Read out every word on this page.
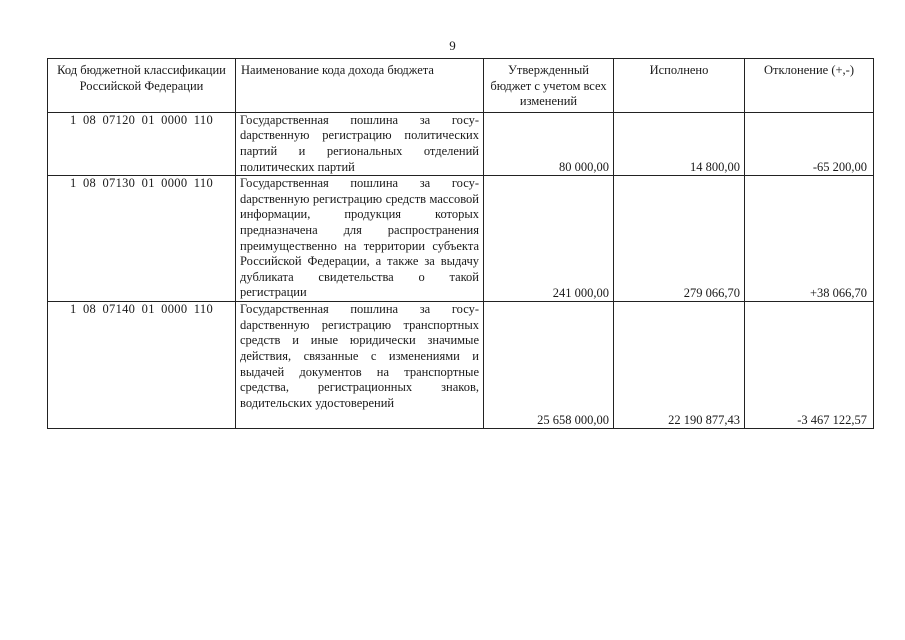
9
Код бюджетной классификации Российской Федерации	Наименование кода дохода бюджета	Утвержденный бюджет с учетом всех изменений	Исполнено	Отклонение (+,-)
1 08 07120 01 0000 110	Государственная пошлина за госуdарственную регистрацию политических партий и региональных отделений политических партий	80 000,00	14 800,00	-65 200,00
1 08 07130 01 0000 110	Государственная пошлина за госуdарственную регистрацию средств массовой информации, продукция которых предназначена для распространения преимущественно на территории субъекта Российской Федерации, а также за выдачу дубликата свидетельства о такой регистрации	241 000,00	279 066,70	+38 066,70
1 08 07140 01 0000 110	Государственная пошлина за госуdарственную регистрацию транспортных средств и иные юридически значимые действия, связанные с изменениями и выдачей документов на транспортные средства, регистрационных знаков, водительских удостоверений	25 658 000,00	22 190 877,43	-3 467 122,57
